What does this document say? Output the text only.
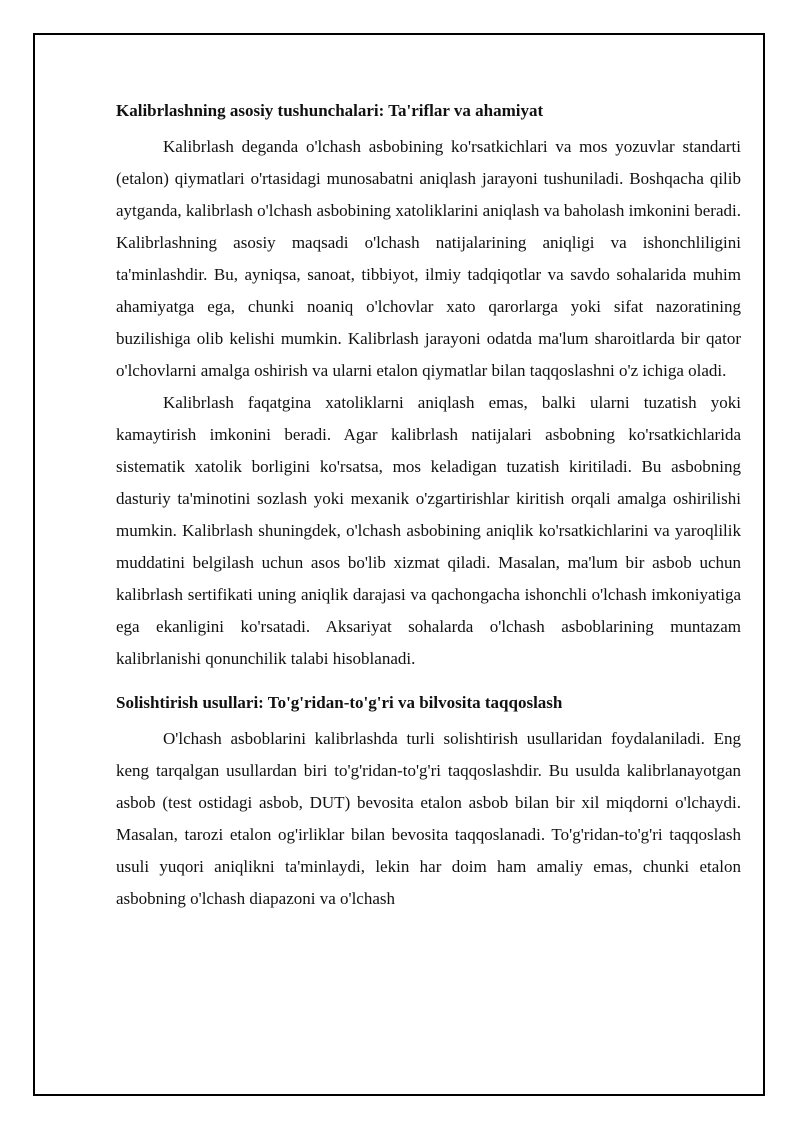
Kalibrlashning asosiy tushunchalari: Ta'riflar va ahamiyat

Kalibrlash deganda o'lchash asbobining ko'rsatkichlari va mos yozuvlar standarti (etalon) qiymatlari o'rtasidagi munosabatni aniqlash jarayoni tushuniladi. Boshqacha qilib aytganda, kalibrlash o'lchash asbobining xatoliklarini aniqlash va baholash imkonini beradi. Kalibrlashning asosiy maqsadi o'lchash natijalarining aniqligi va ishonchliligini ta'minlashdir. Bu, ayniqsa, sanoat, tibbiyot, ilmiy tadqiqotlar va savdo sohalarida muhim ahamiyatga ega, chunki noaniq o'lchovlar xato qarorlarga yoki sifat nazoratining buzilishiga olib kelishi mumkin. Kalibrlash jarayoni odatda ma'lum sharoitlarda bir qator o'lchovlarni amalga oshirish va ularni etalon qiymatlar bilan taqqoslashni o'z ichiga oladi.

Kalibrlash faqatgina xatoliklarni aniqlash emas, balki ularni tuzatish yoki kamaytirish imkonini beradi. Agar kalibrlash natijalari asbobning ko'rsatkichlarida sistematik xatolik borligini ko'rsatsa, mos keladigan tuzatish kiritiladi. Bu asbobning dasturiy ta'minotini sozlash yoki mexanik o'zgartirishlar kiritish orqali amalga oshirilishi mumkin. Kalibrlash shuningdek, o'lchash asbobining aniqlik ko'rsatkichlarini va yaroqlilik muddatini belgilash uchun asos bo'lib xizmat qiladi. Masalan, ma'lum bir asbob uchun kalibrlash sertifikati uning aniqlik darajasi va qachongacha ishonchli o'lchash imkoniyatiga ega ekanligini ko'rsatadi. Aksariyat sohalarda o'lchash asboblarining muntazam kalibrlanishi qonunchilik talabi hisoblanadi.

Solishtirish usullari: To'g'ridan-to'g'ri va bilvosita taqqoslash

O'lchash asboblarini kalibrlashda turli solishtirish usullaridan foydalaniladi. Eng keng tarqalgan usullardan biri to'g'ridan-to'g'ri taqqoslashdir. Bu usulda kalibrlanayotgan asbob (test ostidagi asbob, DUT) bevosita etalon asbob bilan bir xil miqdorni o'lchaydi. Masalan, tarozi etalon og'irliklar bilan bevosita taqqoslanadi. To'g'ridan-to'g'ri taqqoslash usuli yuqori aniqlikni ta'minlaydi, lekin har doim ham amaliy emas, chunki etalon asbobning o'lchash diapazoni va o'lchash
